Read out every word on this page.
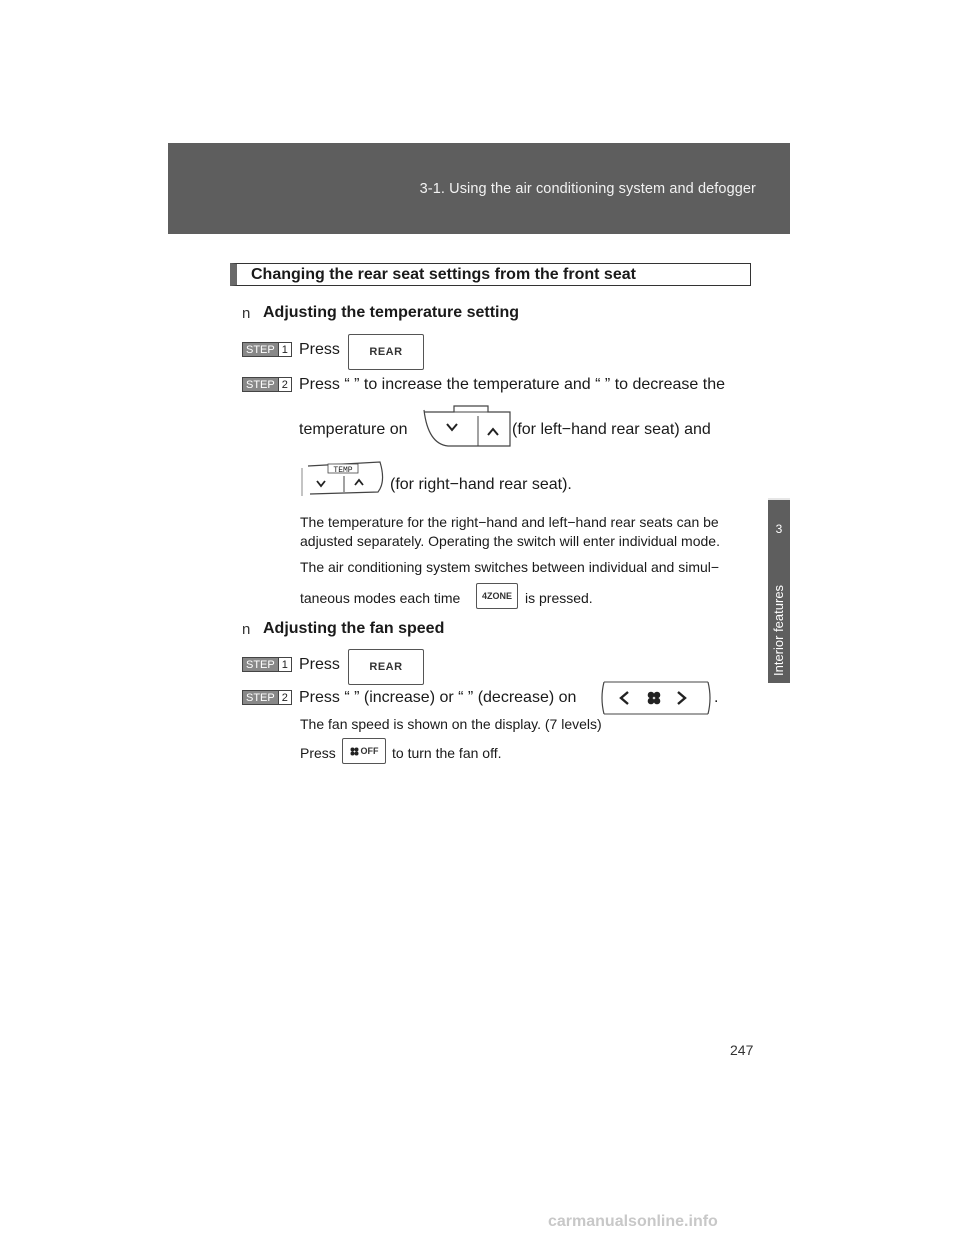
3-1. Using the air conditioning system and defogger
3
Interior features
Changing the rear seat settings from the front seat
n Adjusting the temperature setting
STEP 1 Press	REAR
STEP 2 Press “ ” to increase the temperature and “ ” to decrease the
temperature on	(for left−hand rear seat) and
TEMP
(for right−hand rear seat).
The temperature for the right−hand and left−hand rear seats can be
adjusted separately. Operating the switch will enter individual mode.
The air conditioning system switches between individual and simul−
taneous modes each time 4ZONE is pressed.
n Adjusting the fan speed
STEP 1 Press	REAR
STEP 2 Press “ ” (increase) or “ ” (decrease) on	.
The fan speed is shown on the display. (7 levels)
Press	OFF to turn the fan off.
247
carmanualsonline.info
